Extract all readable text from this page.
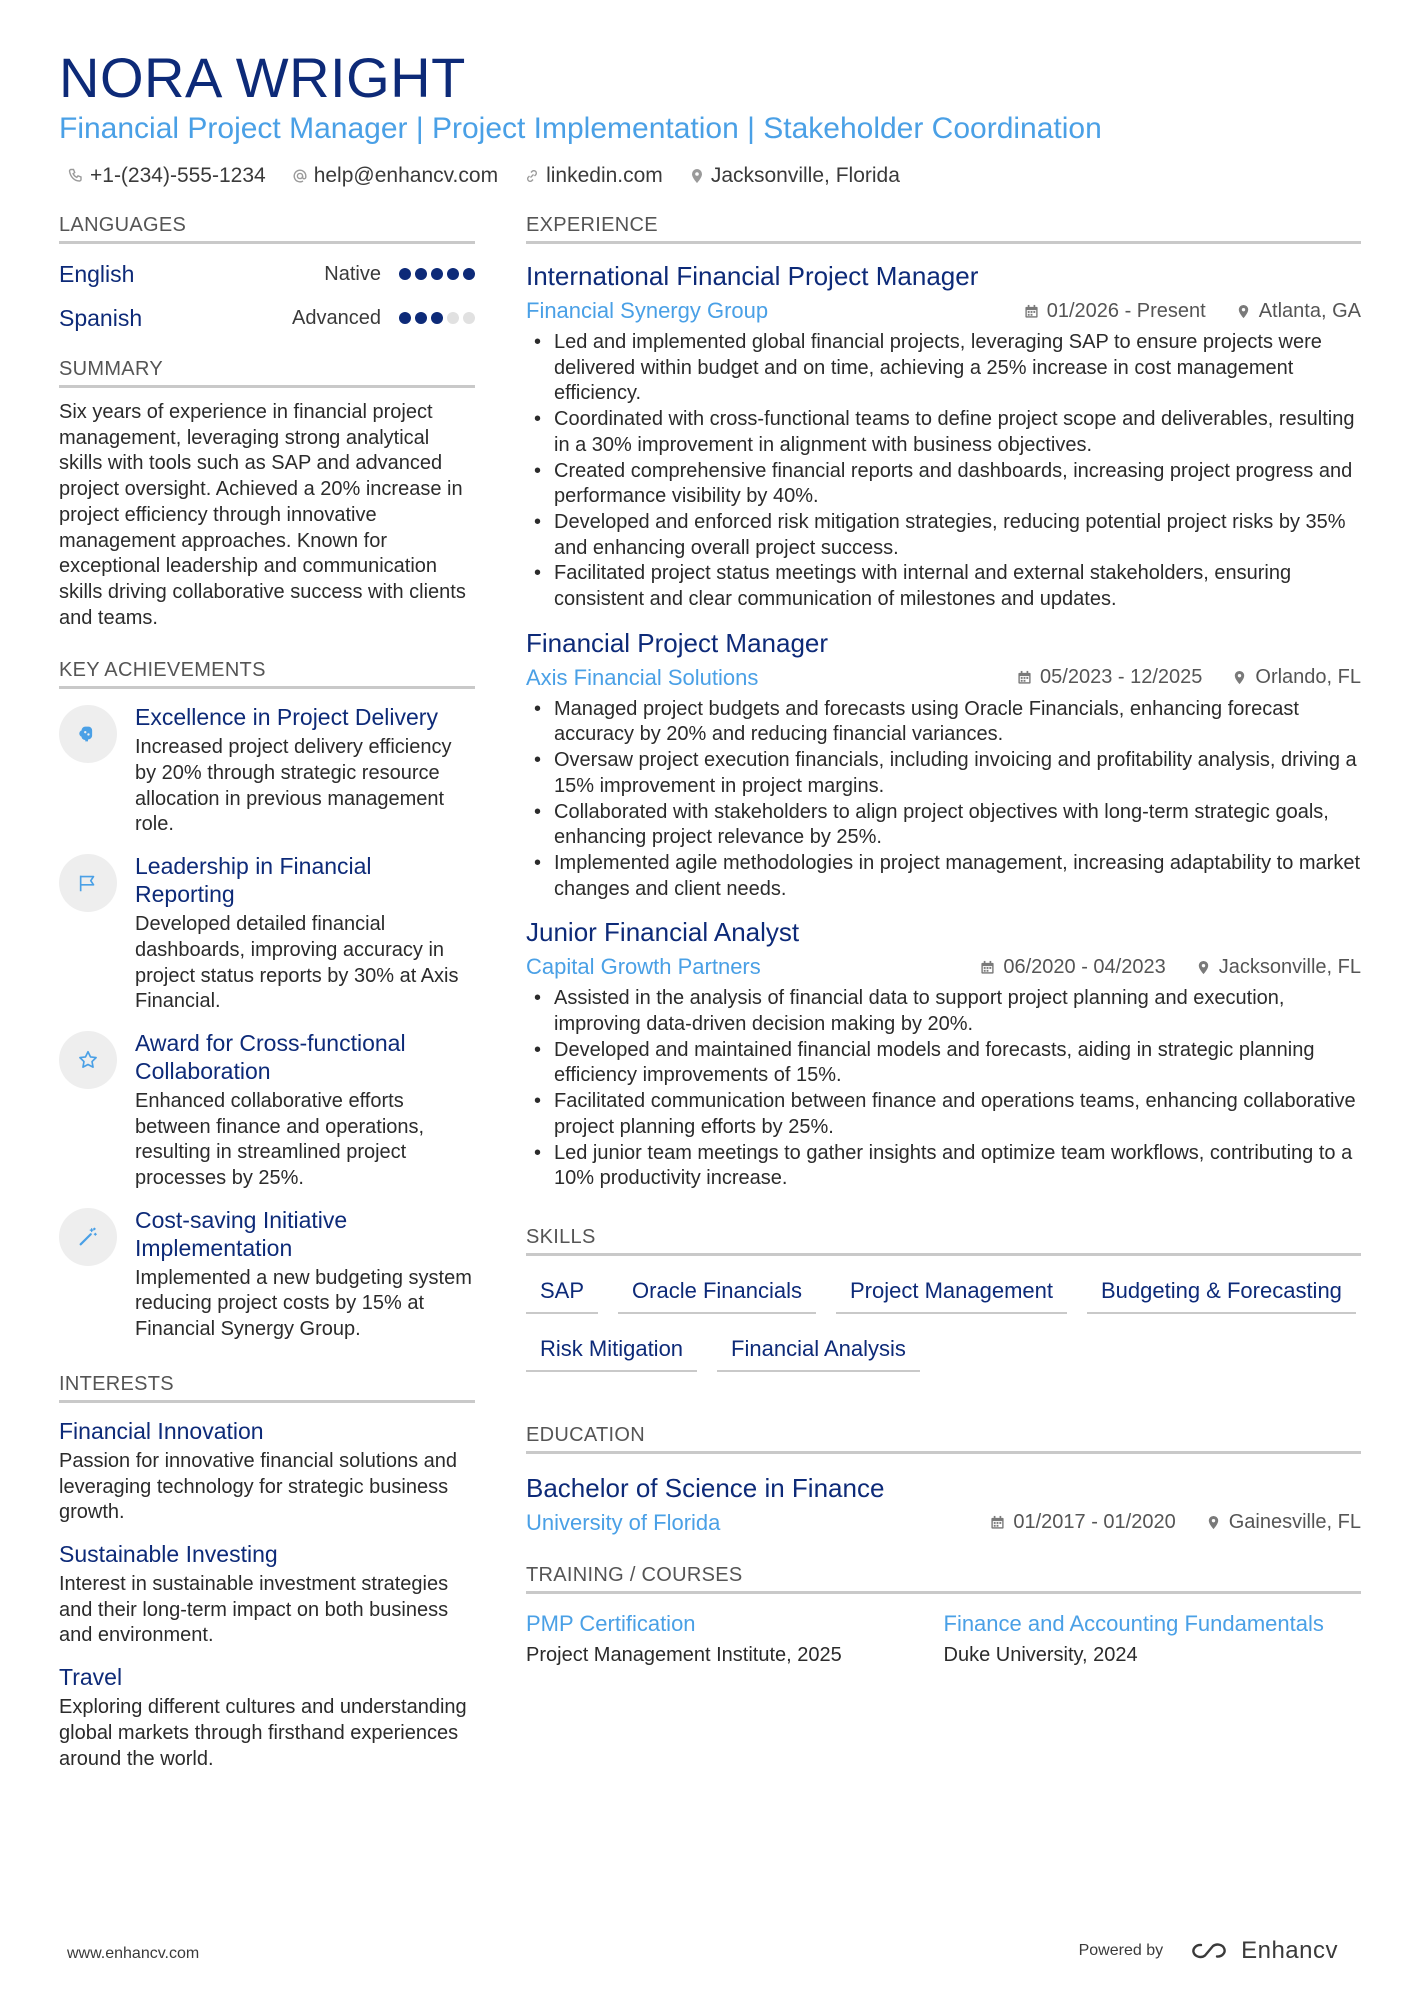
NORA WRIGHT
Financial Project Manager | Project Implementation | Stakeholder Coordination
+1-(234)-555-1234 help@enhancv.com linkedin.com Jacksonville, Florida
LANGUAGES
English	Native
Spanish	Advanced
SUMMARY
Six years of experience in financial project management, leveraging strong analytical skills with tools such as SAP and advanced project oversight. Achieved a 20% increase in project efficiency through innovative management approaches. Known for exceptional leadership and communication skills driving collaborative success with clients and teams.
KEY ACHIEVEMENTS
Excellence in Project Delivery
Increased project delivery efficiency by 20% through strategic resource allocation in previous management role.
Leadership in Financial Reporting
Developed detailed financial dashboards, improving accuracy in project status reports by 30% at Axis Financial.
Award for Cross-functional Collaboration
Enhanced collaborative efforts between finance and operations, resulting in streamlined project processes by 25%.
Cost-saving Initiative Implementation
Implemented a new budgeting system reducing project costs by 15% at Financial Synergy Group.
INTERESTS
Financial Innovation
Passion for innovative financial solutions and leveraging technology for strategic business growth.
Sustainable Investing
Interest in sustainable investment strategies and their long-term impact on both business and environment.
Travel
Exploring different cultures and understanding global markets through firsthand experiences around the world.
EXPERIENCE
International Financial Project Manager
Financial Synergy Group	01/2026 - Present	Atlanta, GA
• Led and implemented global financial projects, leveraging SAP to ensure projects were delivered within budget and on time, achieving a 25% increase in cost management efficiency.
• Coordinated with cross-functional teams to define project scope and deliverables, resulting in a 30% improvement in alignment with business objectives.
• Created comprehensive financial reports and dashboards, increasing project progress and performance visibility by 40%.
• Developed and enforced risk mitigation strategies, reducing potential project risks by 35% and enhancing overall project success.
• Facilitated project status meetings with internal and external stakeholders, ensuring consistent and clear communication of milestones and updates.
Financial Project Manager
Axis Financial Solutions	05/2023 - 12/2025	Orlando, FL
• Managed project budgets and forecasts using Oracle Financials, enhancing forecast accuracy by 20% and reducing financial variances.
• Oversaw project execution financials, including invoicing and profitability analysis, driving a 15% improvement in project margins.
• Collaborated with stakeholders to align project objectives with long-term strategic goals, enhancing project relevance by 25%.
• Implemented agile methodologies in project management, increasing adaptability to market changes and client needs.
Junior Financial Analyst
Capital Growth Partners	06/2020 - 04/2023	Jacksonville, FL
• Assisted in the analysis of financial data to support project planning and execution, improving data-driven decision making by 20%.
• Developed and maintained financial models and forecasts, aiding in strategic planning efficiency improvements of 15%.
• Facilitated communication between finance and operations teams, enhancing collaborative project planning efforts by 25%.
• Led junior team meetings to gather insights and optimize team workflows, contributing to a 10% productivity increase.
SKILLS
SAP	Oracle Financials	Project Management	Budgeting & Forecasting
Risk Mitigation	Financial Analysis
EDUCATION
Bachelor of Science in Finance
University of Florida	01/2017 - 01/2020	Gainesville, FL
TRAINING / COURSES
PMP Certification
Project Management Institute, 2025
Finance and Accounting Fundamentals
Duke University, 2024
www.enhancv.com	Powered by	Enhancv
